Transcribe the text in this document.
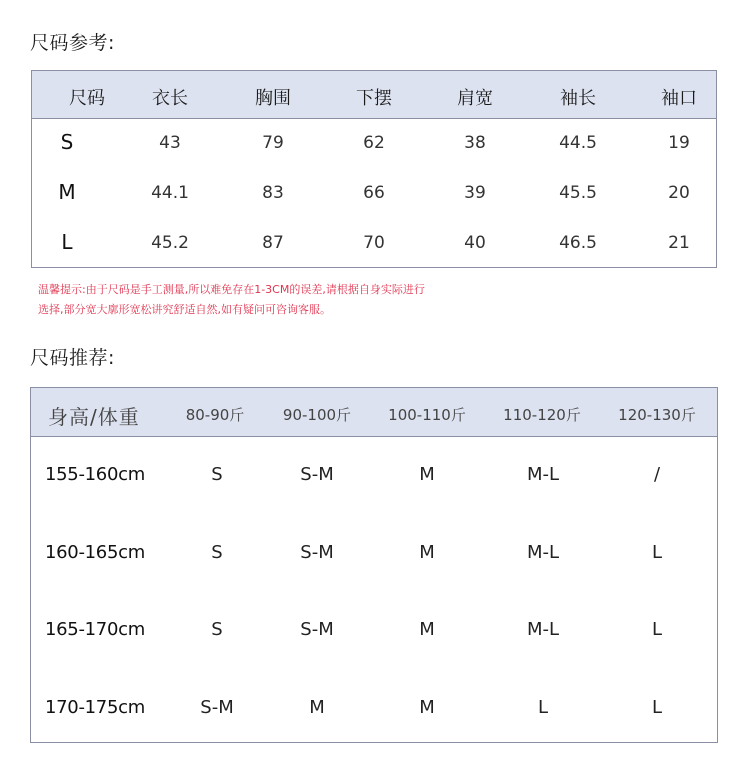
尺码参考:
尺码	衣长	胸围	下摆	肩宽	袖长	袖口
S	43	79	62	38	44.5	19
M	44.1	83	66	39	45.5	20
L	45.2	87	70	40	46.5	21
温馨提示:由于尺码是手工测量,所以难免存在1-3CM的误差,请根据自身实际进行
选择,部分宽大廓形宽松讲究舒适自然,如有疑问可咨询客服。
尺码推荐:
身高/体重	80-90斤	90-100斤 100-110斤 110-120斤 120-130斤
155-160cm	S	S-M	M	M-L	/
160-165cm	S	S-M	M	M-L	L
165-170cm	S	S-M	M	M-L	L
170-175cm	S-M	M	M	L	L
